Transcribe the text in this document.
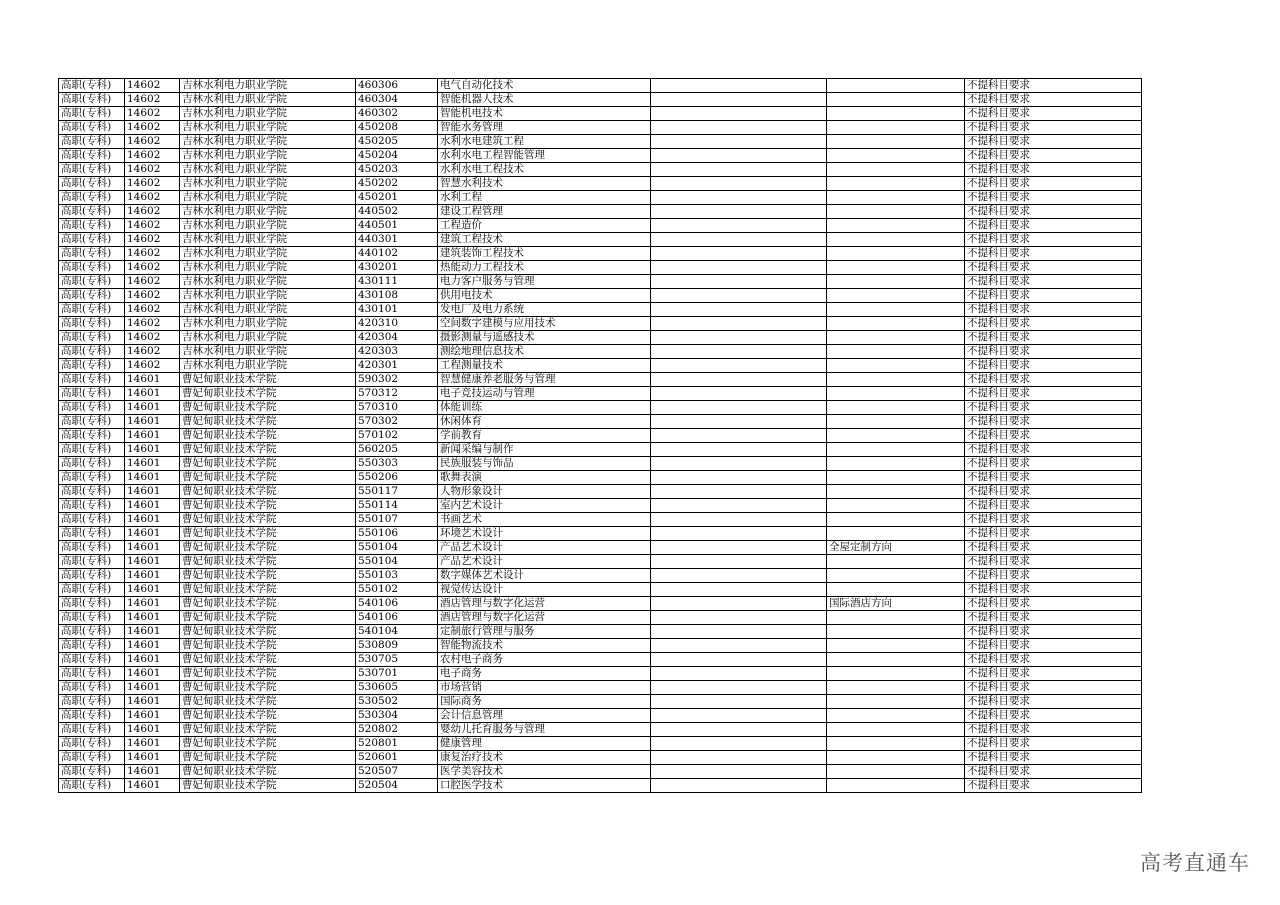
高职(专科)	14602	吉林水利电力职业学院	460306	电气自动化技术			不提科目要求
高职(专科)	14602	吉林水利电力职业学院	460304	智能机器人技术			不提科目要求
高职(专科)	14602	吉林水利电力职业学院	460302	智能机电技术			不提科目要求
高职(专科)	14602	吉林水利电力职业学院	450208	智能水务管理			不提科目要求
高职(专科)	14602	吉林水利电力职业学院	450205	水利水电建筑工程			不提科目要求
高职(专科)	14602	吉林水利电力职业学院	450204	水利水电工程智能管理			不提科目要求
高职(专科)	14602	吉林水利电力职业学院	450203	水利水电工程技术			不提科目要求
高职(专科)	14602	吉林水利电力职业学院	450202	智慧水利技术			不提科目要求
高职(专科)	14602	吉林水利电力职业学院	450201	水利工程			不提科目要求
高职(专科)	14602	吉林水利电力职业学院	440502	建设工程管理			不提科目要求
高职(专科)	14602	吉林水利电力职业学院	440501	工程造价			不提科目要求
高职(专科)	14602	吉林水利电力职业学院	440301	建筑工程技术			不提科目要求
高职(专科)	14602	吉林水利电力职业学院	440102	建筑装饰工程技术			不提科目要求
高职(专科)	14602	吉林水利电力职业学院	430201	热能动力工程技术			不提科目要求
高职(专科)	14602	吉林水利电力职业学院	430111	电力客户服务与管理			不提科目要求
高职(专科)	14602	吉林水利电力职业学院	430108	供用电技术			不提科目要求
高职(专科)	14602	吉林水利电力职业学院	430101	发电厂及电力系统			不提科目要求
高职(专科)	14602	吉林水利电力职业学院	420310	空间数字建模与应用技术			不提科目要求
高职(专科)	14602	吉林水利电力职业学院	420304	摄影测量与遥感技术			不提科目要求
高职(专科)	14602	吉林水利电力职业学院	420303	测绘地理信息技术			不提科目要求
高职(专科)	14602	吉林水利电力职业学院	420301	工程测量技术			不提科目要求
高职(专科)	14601	曹妃甸职业技术学院	590302	智慧健康养老服务与管理			不提科目要求
高职(专科)	14601	曹妃甸职业技术学院	570312	电子竞技运动与管理			不提科目要求
高职(专科)	14601	曹妃甸职业技术学院	570310	体能训练			不提科目要求
高职(专科)	14601	曹妃甸职业技术学院	570302	休闲体育			不提科目要求
高职(专科)	14601	曹妃甸职业技术学院	570102	学前教育			不提科目要求
高职(专科)	14601	曹妃甸职业技术学院	560205	新闻采编与制作			不提科目要求
高职(专科)	14601	曹妃甸职业技术学院	550303	民族服装与饰品			不提科目要求
高职(专科)	14601	曹妃甸职业技术学院	550206	歌舞表演			不提科目要求
高职(专科)	14601	曹妃甸职业技术学院	550117	人物形象设计			不提科目要求
高职(专科)	14601	曹妃甸职业技术学院	550114	室内艺术设计			不提科目要求
高职(专科)	14601	曹妃甸职业技术学院	550107	书画艺术			不提科目要求
高职(专科)	14601	曹妃甸职业技术学院	550106	环境艺术设计			不提科目要求
高职(专科)	14601	曹妃甸职业技术学院	550104	产品艺术设计		全屋定制方向	不提科目要求
高职(专科)	14601	曹妃甸职业技术学院	550104	产品艺术设计			不提科目要求
高职(专科)	14601	曹妃甸职业技术学院	550103	数字媒体艺术设计			不提科目要求
高职(专科)	14601	曹妃甸职业技术学院	550102	视觉传达设计			不提科目要求
高职(专科)	14601	曹妃甸职业技术学院	540106	酒店管理与数字化运营		国际酒店方向	不提科目要求
高职(专科)	14601	曹妃甸职业技术学院	540106	酒店管理与数字化运营			不提科目要求
高职(专科)	14601	曹妃甸职业技术学院	540104	定制旅行管理与服务			不提科目要求
高职(专科)	14601	曹妃甸职业技术学院	530809	智能物流技术			不提科目要求
高职(专科)	14601	曹妃甸职业技术学院	530705	农村电子商务			不提科目要求
高职(专科)	14601	曹妃甸职业技术学院	530701	电子商务			不提科目要求
高职(专科)	14601	曹妃甸职业技术学院	530605	市场营销			不提科目要求
高职(专科)	14601	曹妃甸职业技术学院	530502	国际商务			不提科目要求
高职(专科)	14601	曹妃甸职业技术学院	530304	会计信息管理			不提科目要求
高职(专科)	14601	曹妃甸职业技术学院	520802	婴幼儿托育服务与管理			不提科目要求
高职(专科)	14601	曹妃甸职业技术学院	520801	健康管理			不提科目要求
高职(专科)	14601	曹妃甸职业技术学院	520601	康复治疗技术			不提科目要求
高职(专科)	14601	曹妃甸职业技术学院	520507	医学美容技术			不提科目要求
高职(专科)	14601	曹妃甸职业技术学院	520504	口腔医学技术			不提科目要求
高考直通车
